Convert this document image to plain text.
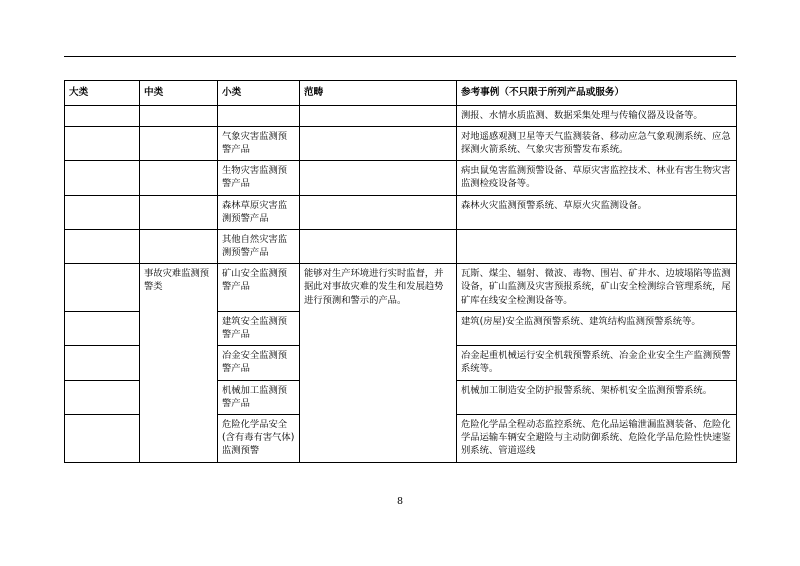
大类	中类	小类	范畴	参考事例（不只限于所列产品或服务）
				测报、水情水质监测、数据采集处理与传输仪器及设备等。
		气象灾害监测预警产品		对地遥感观测卫星等天气监测装备、移动应急气象观测系统、应急探测火箭系统、气象灾害预警发布系统。
		生物灾害监测预警产品		病虫鼠兔害监测预警设备、草原灾害监控技术、林业有害生物灾害监测检疫设备等。
		森林草原灾害监测预警产品		森林火灾监测预警系统、草原火灾监测设备。
		其他自然灾害监测预警产品		
	事故灾难监测预警类	矿山安全监测预警产品	能够对生产环境进行实时监督，并据此对事故灾难的发生和发展趋势进行预测和警示的产品。	瓦斯、煤尘、辐射、微波、毒物、围岩、矿井水、边坡塌陷等监测设备，矿山监测及灾害预报系统，矿山安全检测综合管理系统，尾矿库在线安全检测设备等。
		建筑安全监测预警产品		建筑(房屋)安全监测预警系统、建筑结构监测预警系统等。
		冶金安全监测预警产品		冶金起重机械运行安全机载预警系统、冶金企业安全生产监测预警系统等。
		机械加工监测预警产品		机械加工制造安全防护报警系统、架桥机安全监测预警系统。
		危险化学品安全(含有毒有害气体)监测预警		危险化学品全程动态监控系统、危化品运输泄漏监测装备、危险化学品运输车辆安全避险与主动防御系统、危险化学品危险性快速鉴别系统、管道巡线
8
